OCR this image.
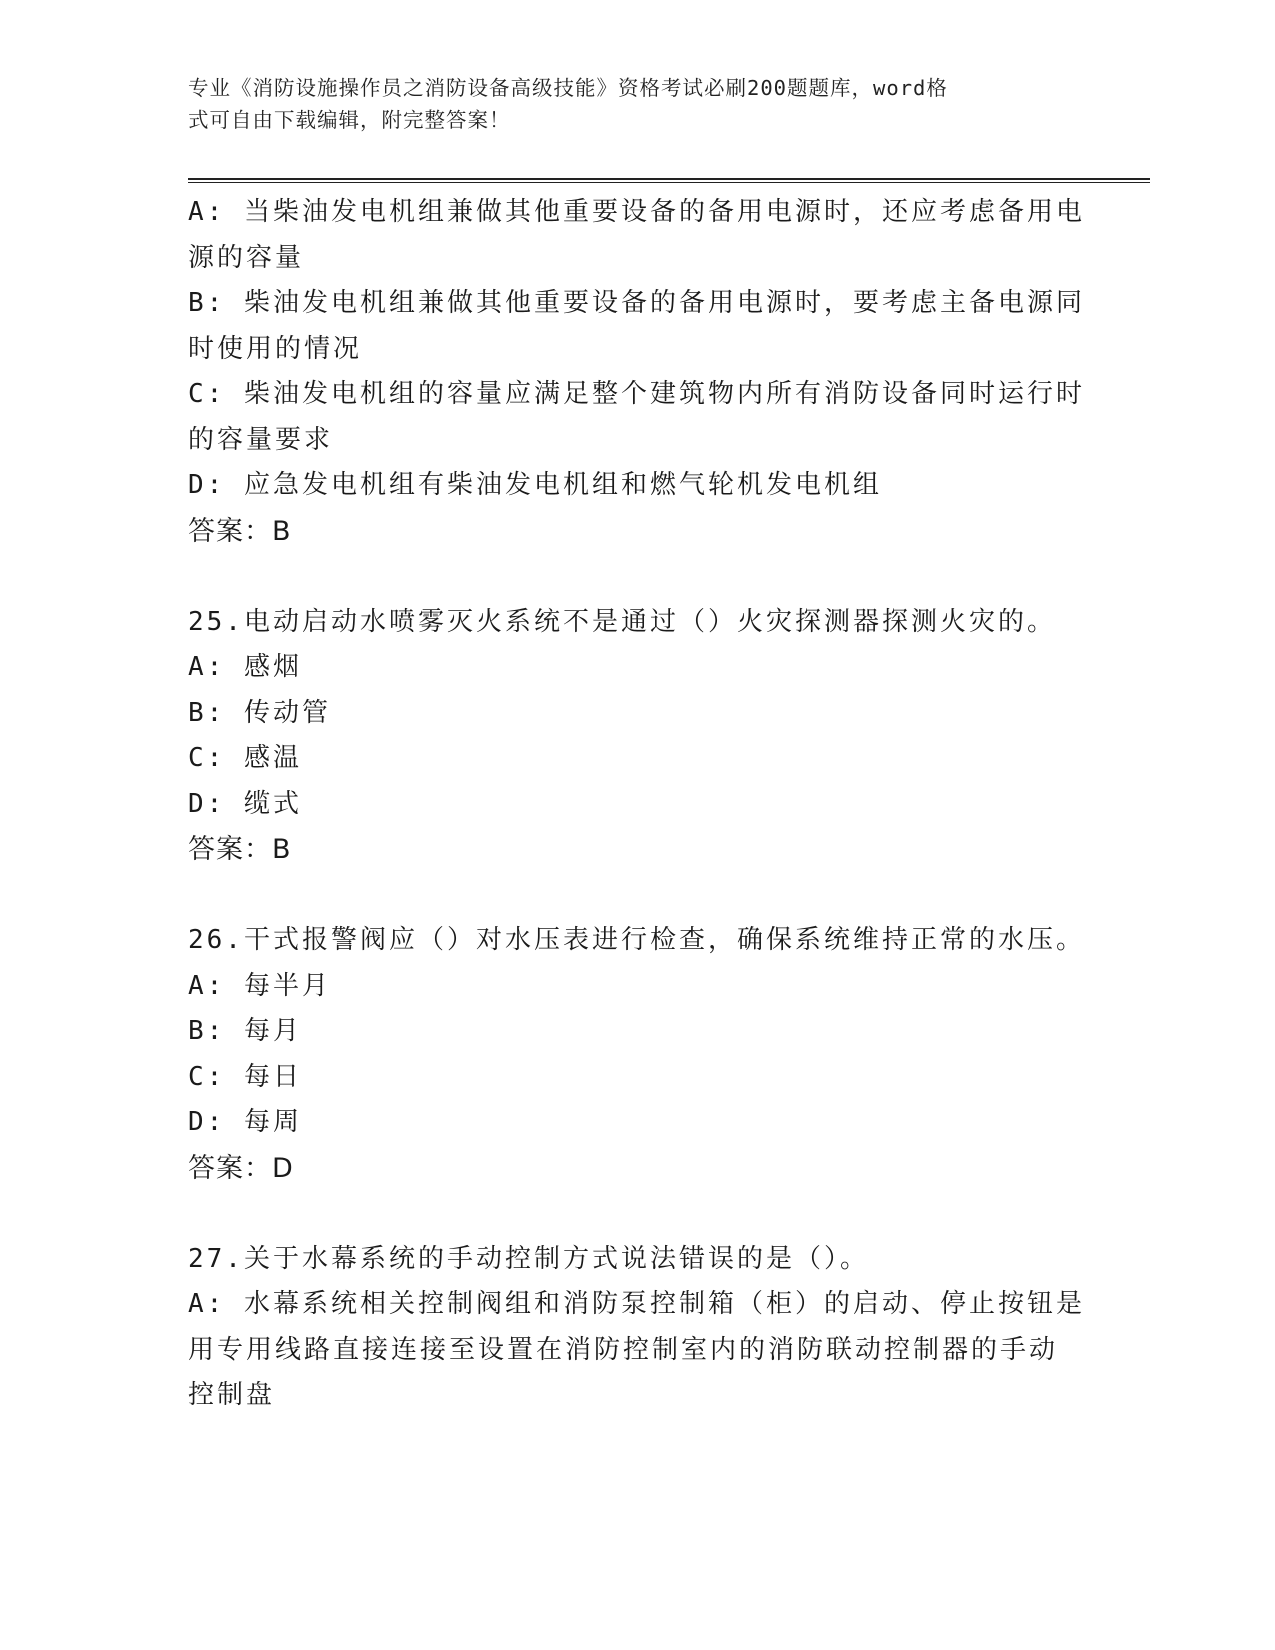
专业《消防设施操作员之消防设备高级技能》资格考试必刷200题题库，word格
式可自由下载编辑，附完整答案！
A: 当柴油发电机组兼做其他重要设备的备用电源时，还应考虑备用电
源的容量
B: 柴油发电机组兼做其他重要设备的备用电源时，要考虑主备电源同
时使用的情况
C: 柴油发电机组的容量应满足整个建筑物内所有消防设备同时运行时
的容量要求
D: 应急发电机组有柴油发电机组和燃气轮机发电机组
答案：B
25.电动启动水喷雾灭火系统不是通过（）火灾探测器探测火灾的。
A: 感烟
B: 传动管
C: 感温
D: 缆式
答案：B
26.干式报警阀应（）对水压表进行检查，确保系统维持正常的水压。
A: 每半月
B: 每月
C: 每日
D: 每周
答案：D
27.关于水幕系统的手动控制方式说法错误的是（）。
A: 水幕系统相关控制阀组和消防泵控制箱（柜）的启动、停止按钮是
用专用线路直接连接至设置在消防控制室内的消防联动控制器的手动
控制盘
